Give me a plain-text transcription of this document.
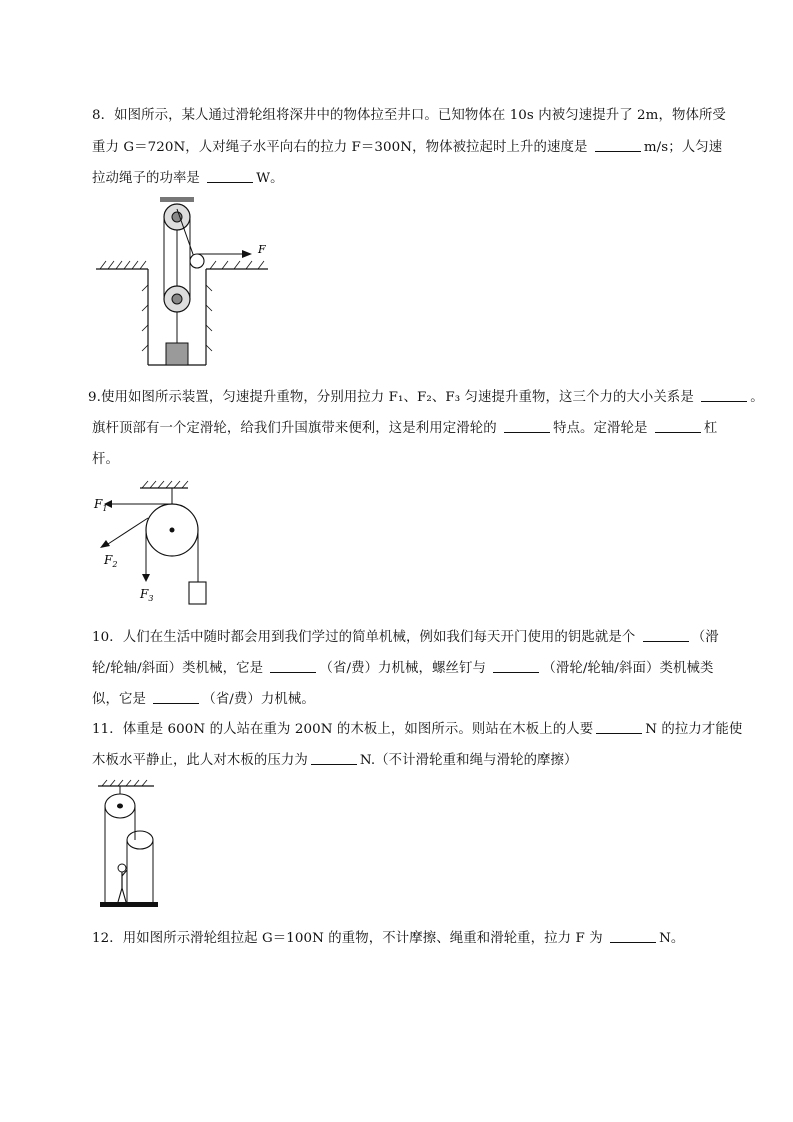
8．如图所示，某人通过滑轮组将深井中的物体拉至井口。已知物体在 10s 内被匀速提升了 2m，物体所受
重力 G＝720N，人对绳子水平向右的拉力 F＝300N，物体被拉起时上升的速度是	m/s；人匀速
拉动绳子的功率是	W。
F
9.使用如图所示装置，匀速提升重物，分别用拉力 F₁、F₂、F₃ 匀速提升重物，这三个力的大小关系是	。
旗杆顶部有一个定滑轮，给我们升国旗带来便利，这是利用定滑轮的	特点。定滑轮是	杠
杆。
$F_1$
$F_2$
$F_3$
10．人们在生活中随时都会用到我们学过的简单机械，例如我们每天开门使用的钥匙就是个	（滑
轮/轮轴/斜面）类机械，它是	（省/费）力机械，螺丝钉与	（滑轮/轮轴/斜面）类机械类
似，它是	（省/费）力机械。
11．体重是 600N 的人站在重为 200N 的木板上，如图所示。则站在木板上的人要	N 的拉力才能使
木板水平静止，此人对木板的压力为	N.（不计滑轮重和绳与滑轮的摩擦）
12．用如图所示滑轮组拉起 G＝100N 的重物，不计摩擦、绳重和滑轮重，拉力 F 为	N。
